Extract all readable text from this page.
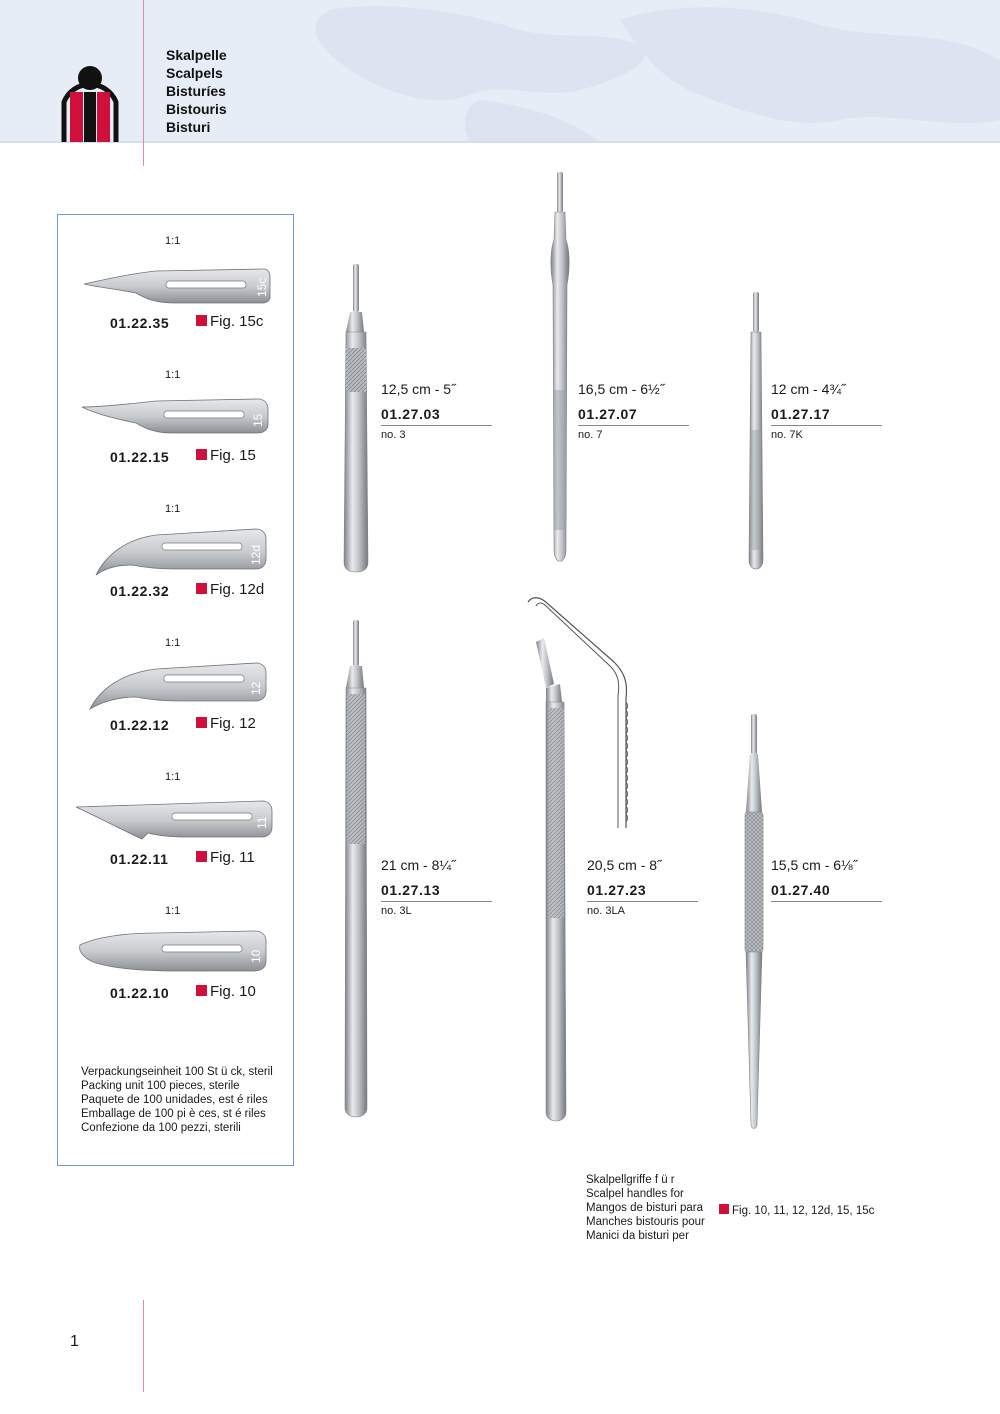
Skalpelle
Scalpels
Bisturíes
Bistouris
Bisturi
1:1
15c
01.22.35	Fig. 15c
1:1
15
01.22.15	Fig. 15
1:1
12d
01.22.32	Fig. 12d
1:1
12
01.22.12	Fig. 12
1:1
11
01.22.11	Fig. 11
1:1
10
01.22.10	Fig. 10
Verpackungseinheit 100 St ü ck, steril
Packing unit 100 pieces, sterile
Paquete de 100 unidades, est é riles
Emballage de 100 pi è ces, st é riles
Confezione da 100 pezzi, sterili
12,5 cm - 5˝
01.27.03
no. 3
16,5 cm - 6½˝
01.27.07
no. 7
12 cm - 4¾˝
01.27.17
no. 7K
21 cm - 8¼˝
01.27.13
no. 3L
20,5 cm - 8˝
01.27.23
no. 3LA
15,5 cm - 6⅛˝
01.27.40
Skalpellgriffe f ü r
Scalpel handles for
Mangos de bisturi para
Manches bistouris pour
Manici da bisturi per
Fig. 10, 11, 12, 12d, 15, 15c
1
